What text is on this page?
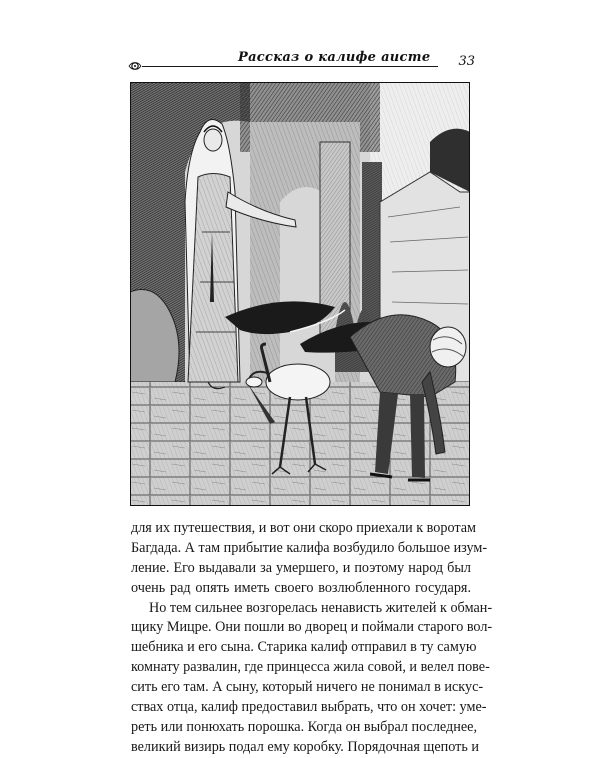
Рассказ о калифе аисте 33
для их путешествия, и вот они скоро приехали к воротам
Багдада. А там прибытие калифа возбудило большое изум-
ление. Его выдавали за умершего, и поэтому народ был
очень рад опять иметь своего возлюбленного государя.
Но тем сильнее возгорелась ненависть жителей к обман-
щику Мицре. Они пошли во дворец и поймали старого вол-
шебника и его сына. Старика калиф отправил в ту самую
комнату развалин, где принцесса жила совой, и велел пове-
сить его там. А сыну, который ничего не понимал в искус-
ствах отца, калиф предоставил выбрать, что он хочет: уме-
реть или понюхать порошка. Когда он выбрал последнее,
великий визирь подал ему коробку. Порядочная щепоть и
